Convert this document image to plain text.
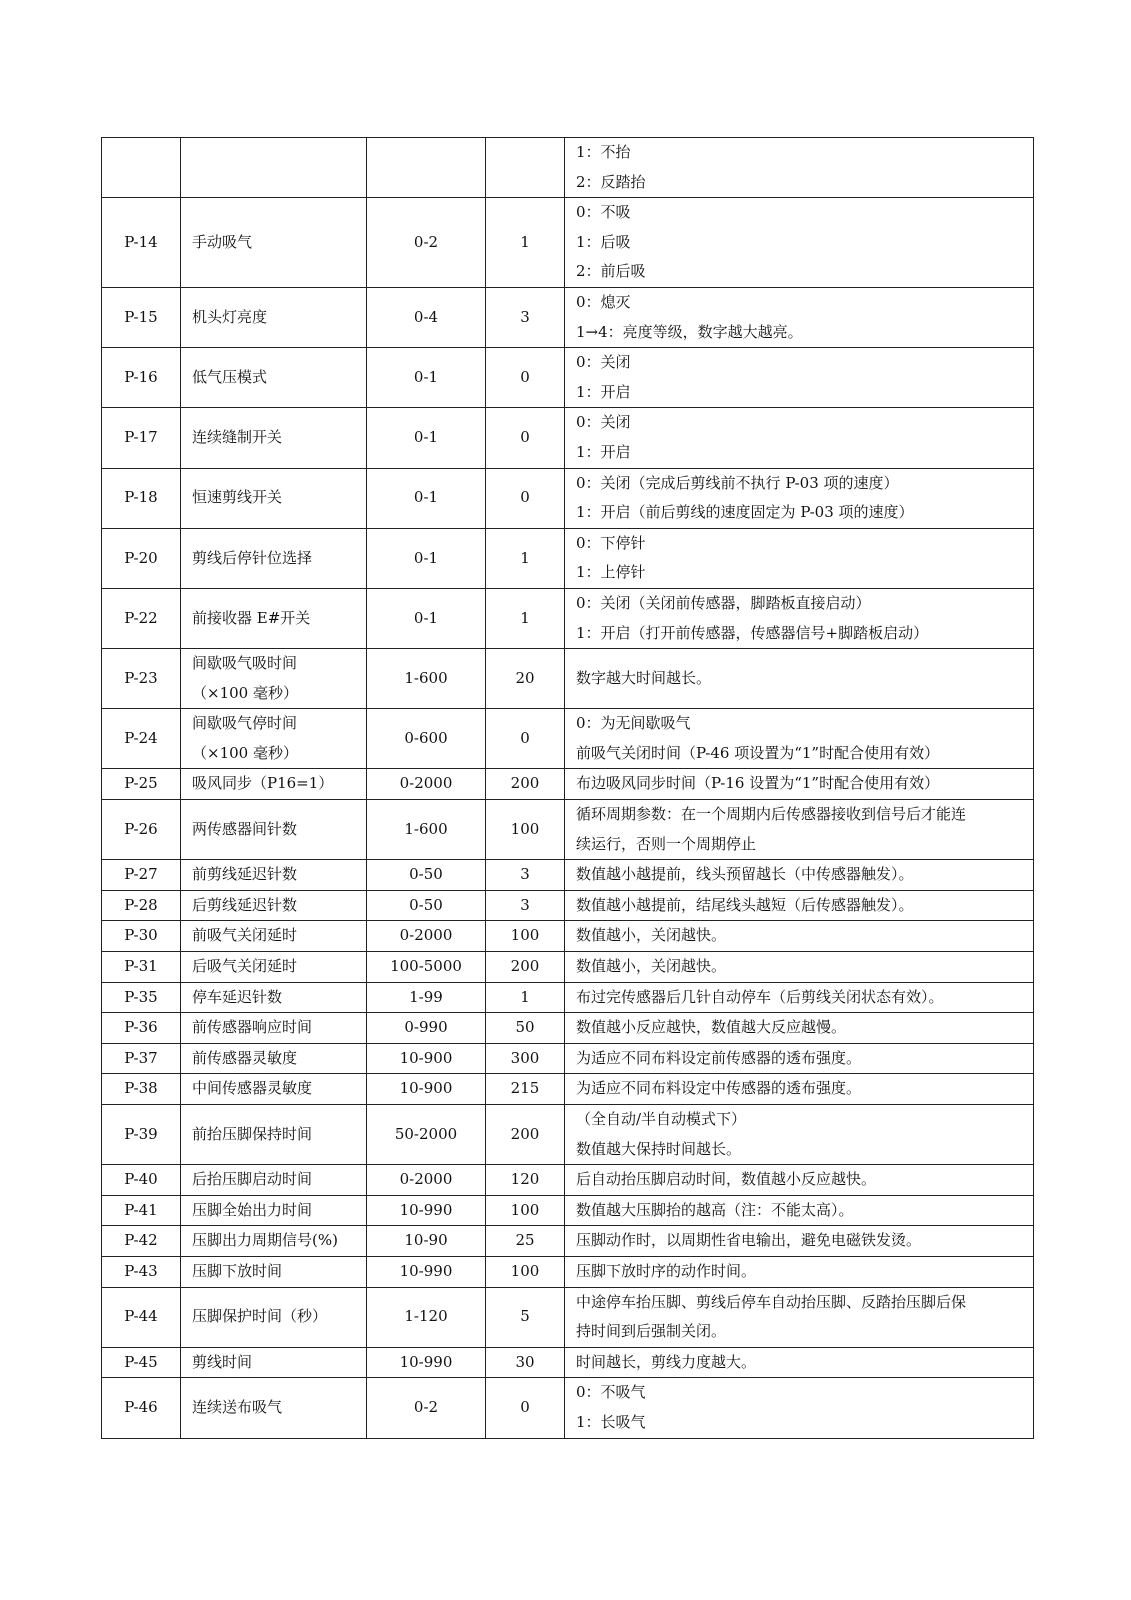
				1：不抬
2：反踏抬

P-14	手动吸气	0-2	1	0：不吸
1：后吸
2：前后吸

P-15	机头灯亮度	0-4	3	0：熄灭
1→4：亮度等级，数字越大越亮。

P-16	低气压模式	0-1	0	0：关闭
1：开启

P-17	连续缝制开关	0-1	0	0：关闭
1：开启

P-18	恒速剪线开关	0-1	0	0：关闭（完成后剪线前不执行 P-03 项的速度）
1：开启（前后剪线的速度固定为 P-03 项的速度）

P-20	剪线后停针位选择	0-1	1	0：下停针
1：上停针

P-22	前接收器 E#开关	0-1	1	0：关闭（关闭前传感器，脚踏板直接启动）
1：开启（打开前传感器，传感器信号+脚踏板启动）

P-23	间歇吸气吸时间
（×100 毫秒）	1-600	20	数字越大时间越长。

P-24	间歇吸气停时间
（×100 毫秒）	0-600	0	0：为无间歇吸气
前吸气关闭时间（P-46 项设置为“1”时配合使用有效）

P-25	吸风同步（P16=1）	0-2000	200	布边吸风同步时间（P-16 设置为“1”时配合使用有效）

P-26	两传感器间针数	1-600	100	循环周期参数：在一个周期内后传感器接收到信号后才能连
续运行，否则一个周期停止

P-27	前剪线延迟针数	0-50	3	数值越小越提前，线头预留越长（中传感器触发）。

P-28	后剪线延迟针数	0-50	3	数值越小越提前，结尾线头越短（后传感器触发）。

P-30	前吸气关闭延时	0-2000	100	数值越小，关闭越快。

P-31	后吸气关闭延时	100-5000	200	数值越小，关闭越快。

P-35	停车延迟针数	1-99	1	布过完传感器后几针自动停车（后剪线关闭状态有效）。

P-36	前传感器响应时间	0-990	50	数值越小反应越快，数值越大反应越慢。

P-37	前传感器灵敏度	10-900	300	为适应不同布料设定前传感器的透布强度。

P-38	中间传感器灵敏度	10-900	215	为适应不同布料设定中传感器的透布强度。

P-39	前抬压脚保持时间	50-2000	200	（全自动/半自动模式下）
数值越大保持时间越长。

P-40	后抬压脚启动时间	0-2000	120	后自动抬压脚启动时间，数值越小反应越快。

P-41	压脚全始出力时间	10-990	100	数值越大压脚抬的越高（注：不能太高）。

P-42	压脚出力周期信号(%)	10-90	25	压脚动作时，以周期性省电输出，避免电磁铁发烫。

P-43	压脚下放时间	10-990	100	压脚下放时序的动作时间。

P-44	压脚保护时间（秒）	1-120	5	中途停车抬压脚、剪线后停车自动抬压脚、反踏抬压脚后保
持时间到后强制关闭。

P-45	剪线时间	10-990	30	时间越长，剪线力度越大。

P-46	连续送布吸气	0-2	0	0：不吸气
1：长吸气
